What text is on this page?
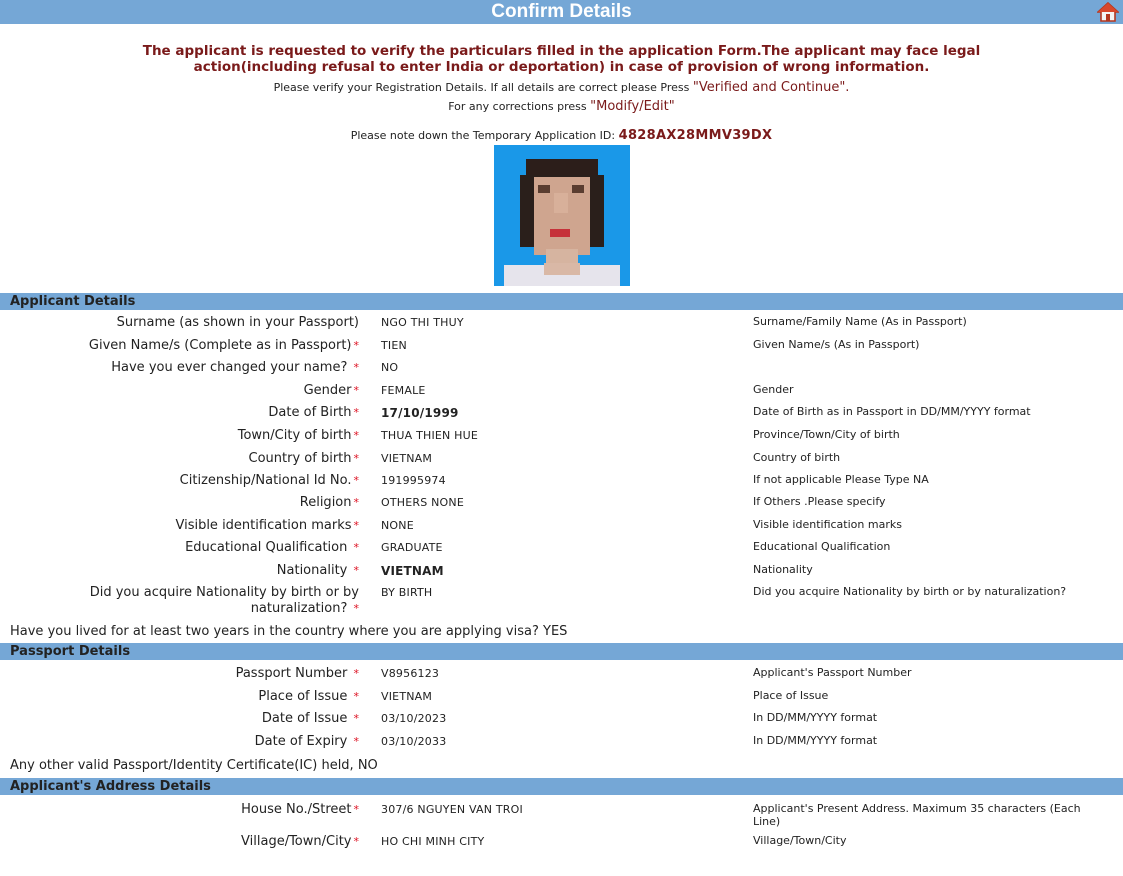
Confirm Details
The applicant is requested to verify the particulars filled in the application Form.The applicant may face legal action(including refusal to enter India or deportation) in case of provision of wrong information.
Please verify your Registration Details. If all details are correct please Press "Verified and Continue".
For any corrections press "Modify/Edit"
Please note down the Temporary Application ID: 4828AX28MMV39DX
Applicant Details
Surname (as shown in your Passport) NGO THI THUY	Surname/Family Name (As in Passport)
Given Name/s (Complete as in Passport) * TIEN	Given Name/s (As in Passport)
Have you ever changed your name? * NO
Gender * FEMALE	Gender
Date of Birth * 17/10/1999	Date of Birth as in Passport in DD/MM/YYYY format
Town/City of birth * THUA THIEN HUE	Province/Town/City of birth
Country of birth * VIETNAM	Country of birth
Citizenship/National Id No. * 191995974	If not applicable Please Type NA
Religion * OTHERS NONE	If Others .Please specify
Visible identification marks * NONE	Visible identification marks
Educational Qualification * GRADUATE	Educational Qualification
Nationality * VIETNAM	Nationality
Did you acquire Nationality by birth or by naturalization? *
BY BIRTH	Did you acquire Nationality by birth or by naturalization?
Have you lived for at least two years in the country where you are applying visa? YES
Passport Details
Passport Number * V8956123	Applicant's Passport Number
Place of Issue * VIETNAM	Place of Issue
Date of Issue * 03/10/2023	In DD/MM/YYYY format
Date of Expiry * 03/10/2033	In DD/MM/YYYY format
Any other valid Passport/Identity Certificate(IC) held, NO
Applicant's Address Details
House No./Street * 307/6 NGUYEN VAN TROI	Applicant's Present Address. Maximum 35 characters (Each Line)
Village/Town/City * HO CHI MINH CITY	Village/Town/City
